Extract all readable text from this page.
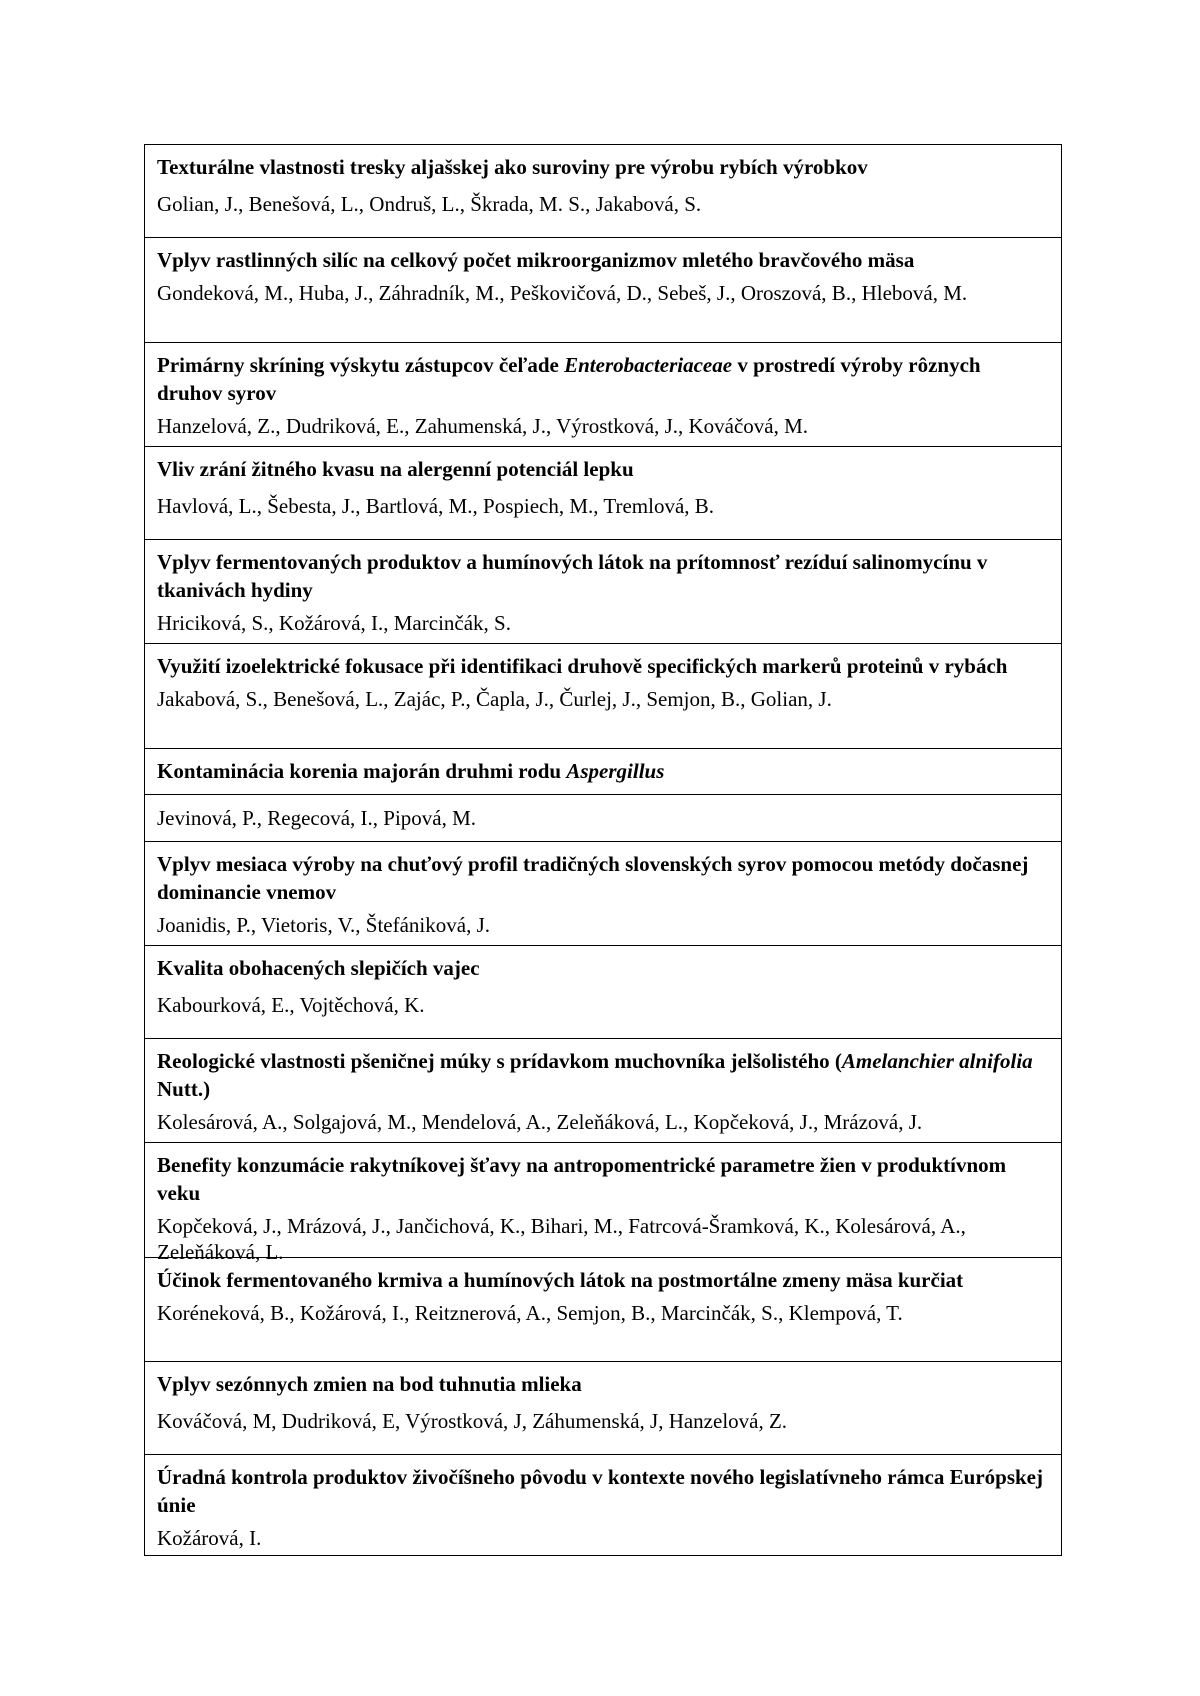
Texturálne vlastnosti tresky aljašskej ako suroviny pre výrobu rybích výrobkov
Golian, J., Benešová, L., Ondruš, L., Škrada, M. S., Jakabová, S.
Vplyv rastlinných silíc na celkový počet mikroorganizmov mletého bravčového mäsa
Gondeková, M., Huba, J., Záhradník, M., Peškovičová, D., Sebeš, J., Oroszová, B., Hlebová, M.
Primárny skríning výskytu zástupcov čeľade Enterobacteriaceae v prostredí výroby rôznych druhov syrov
Hanzelová, Z., Dudriková, E., Zahumenská, J., Výrostková, J., Kováčová, M.
Vliv zrání žitného kvasu na alergenní potenciál lepku
Havlová, L., Šebesta, J., Bartlová, M., Pospiech, M., Tremlová, B.
Vplyv fermentovaných produktov a humínových látok na prítomnosť rezíduí salinomycínu v tkanivách hydiny
Hriciková, S., Kožárová, I., Marcinčák, S.
Využití izoelektrické fokusace při identifikaci druhově specifických markerů proteinů v rybách
Jakabová, S., Benešová, L., Zajác, P., Čapla, J., Čurlej, J., Semjon, B., Golian, J.
Kontaminácia korenia majorán druhmi rodu Aspergillus
Jevinová, P., Regecová, I., Pipová, M.
Vplyv mesiaca výroby na chuťový profil tradičných slovenských syrov pomocou metódy dočasnej dominancie vnemov
Joanidis, P., Vietoris, V., Štefániková, J.
Kvalita obohacených slepičích vajec
Kabourková, E., Vojtěchová, K.
Reologické vlastnosti pšeničnej múky s prídavkom muchovníka jelšolistého (Amelanchier alnifolia Nutt.)
Kolesárová, A., Solgajová, M., Mendelová, A., Zeleňáková, L., Kopčeková, J., Mrázová, J.
Benefity konzumácie rakytníkovej šťavy na antropomentrické parametre žien v produktívnom veku
Kopčeková, J., Mrázová, J., Jančichová, K., Bihari, M., Fatrcová-Šramková, K., Kolesárová, A., Zeleňáková, L.
Účinok fermentovaného krmiva a humínových látok na postmortálne zmeny mäsa kurčiat
Koréneková, B., Kožárová, I., Reitznerová, A., Semjon, B., Marcinčák, S., Klempová, T.
Vplyv sezónnych zmien na bod tuhnutia mlieka
Kováčová, M, Dudriková, E, Výrostková, J, Záhumenská, J, Hanzelová, Z.
Úradná kontrola produktov živočíšneho pôvodu v kontexte nového legislatívneho rámca Európskej únie
Kožárová, I.
